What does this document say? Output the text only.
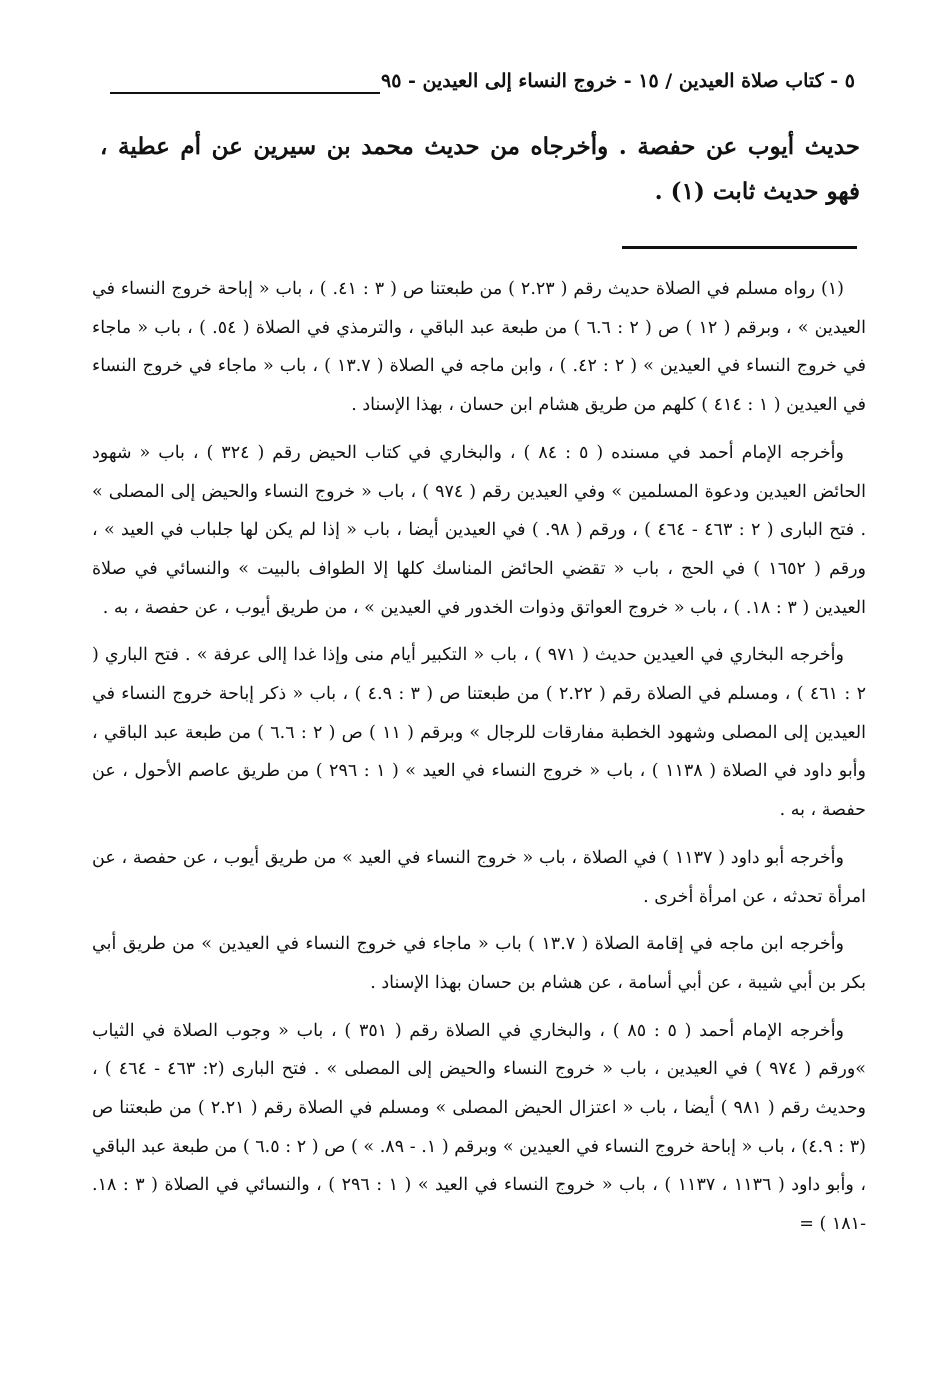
٥ - كتاب صلاة العيدين / ١٥ - خروج النساء إلى العيدين - ٩٥

حديث أيوب عن حفصة . وأخرجاه من حديث محمد بن سيرين عن أم عطية ، فهو حديث ثابت (١) .

(١) رواه مسلم في الصلاة حديث رقم ( ٢.٢٣ ) من طبعتنا ص ( ٣ : ٤١. ) ، باب « إباحة خروج النساء في العيدين » ، وبرقم ( ١٢ ) ص ( ٢ : ٦.٦ ) من طبعة عبد الباقي ، والترمذي في الصلاة ( ٥٤. ) ، باب « ماجاء في خروج النساء في العيدين » ( ٢ : ٤٢. ) ، وابن ماجه في الصلاة ( ١٣.٧ ) ، باب « ماجاء في خروج النساء في العيدين ( ١ : ٤١٤ ) كلهم من طريق هشام ابن حسان ، بهذا الإسناد .

وأخرجه الإمام أحمد في مسنده ( ٥ : ٨٤ ) ، والبخاري في كتاب الحيض رقم ( ٣٢٤ ) ، باب « شهود الحائض العيدين ودعوة المسلمين » وفي العيدين رقم ( ٩٧٤ ) ، باب « خروج النساء والحيض إلى المصلى » . فتح البارى ( ٢ : ٤٦٣ - ٤٦٤ ) ، ورقم ( ٩٨. ) في العيدين أيضا ، باب « إذا لم يكن لها جلباب في العيد » ، ورقم ( ١٦٥٢ ) في الحج ، باب « تقضي الحائض المناسك كلها إلا الطواف بالبيت » والنسائي في صلاة العيدين ( ٣ : ١٨. ) ، باب « خروج العواتق وذوات الخدور في العيدين » ، من طريق أيوب ، عن حفصة ، به .

وأخرجه البخاري في العيدين حديث ( ٩٧١ ) ، باب « التكبير أيام منى وإذا غدا إالى عرفة » . فتح الباري ( ٢ : ٤٦١ ) ، ومسلم في الصلاة رقم ( ٢.٢٢ ) من طبعتنا ص ( ٣ : ٤.٩ ) ، باب « ذكر إباحة خروج النساء في العيدين إلى المصلى وشهود الخطبة مفارقات للرجال » وبرقم ( ١١ ) ص ( ٢ : ٦.٦ ) من طبعة عبد الباقي ، وأبو داود في الصلاة ( ١١٣٨ ) ، باب « خروج النساء في العيد » ( ١ : ٢٩٦ ) من طريق عاصم الأحول ، عن حفصة ، به .

وأخرجه أبو داود ( ١١٣٧ ) في الصلاة ، باب « خروج النساء في العيد » من طريق أيوب ، عن حفصة ، عن امرأة تحدثه ، عن امرأة أخرى .

وأخرجه ابن ماجه في إقامة الصلاة ( ١٣.٧ ) باب « ماجاء في خروج النساء في العيدين » من طريق أبي بكر بن أبي شيبة ، عن أبي أسامة ، عن هشام بن حسان بهذا الإسناد .

وأخرجه الإمام أحمد ( ٥ : ٨٥ ) ، والبخاري في الصلاة رقم ( ٣٥١ ) ، باب « وجوب الصلاة في الثياب »ورقم ( ٩٧٤ ) في العيدين ، باب « خروج النساء والحيض إلى المصلى » . فتح البارى (٢: ٤٦٣ - ٤٦٤ ) ، وحديث رقم ( ٩٨١ ) أيضا ، باب « اعتزال الحيض المصلى » ومسلم في الصلاة رقم ( ٢.٢١ ) من طبعتنا ص (٣ : ٤.٩) ، باب « إباحة خروج النساء في العيدين » وبرقم ( ١. - ٨٩. » ) ص ( ٢ : ٦.٥ ) من طبعة عبد الباقي ، وأبو داود ( ١١٣٦ ، ١١٣٧ ) ، باب « خروج النساء في العيد » ( ١ : ٢٩٦ ) ، والنسائي في الصلاة ( ٣ : ١٨. -١٨١ ) =
